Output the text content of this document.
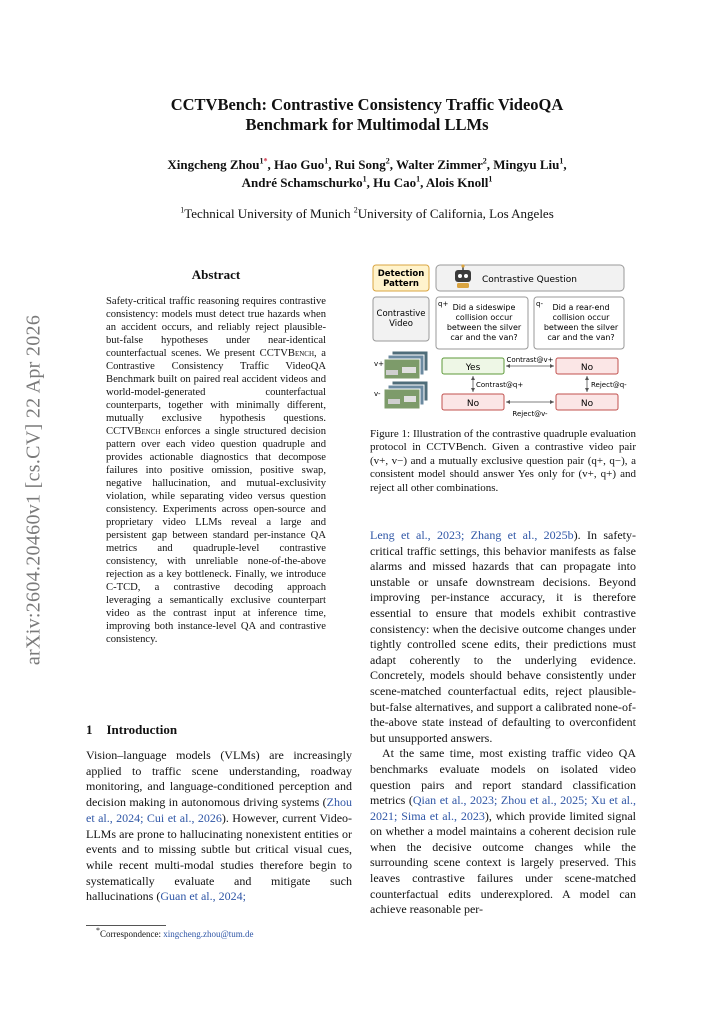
arXiv:2604.20460v1 [cs.CV] 22 Apr 2026
CCTVBench: Contrastive Consistency Traffic VideoQA
Benchmark for Multimodal LLMs
Xingcheng Zhou$^{1*}$, Hao Guo$^1$, Rui Song$^2$, Walter Zimmer$^2$, Mingyu Liu$^1$,
André Schamschurko$^1$, Hu Cao$^1$, Alois Knoll$^1$
$^1$Technical University of Munich $^2$University of California, Los Angeles
Abstract

Safety-critical traffic reasoning requires contrastive consistency: models must detect true hazards when an accident occurs, and reliably reject plausible-but-false hypotheses under near-identical counterfactual scenes. We present CCTVBench, a Contrastive Consistency Traffic VideoQA Benchmark built on paired real accident videos and world-model-generated counterfactual counterparts, together with minimally different, mutually exclusive hypothesis questions. CCTVBench enforces a single structured decision pattern over each video question quadruple and provides actionable diagnostics that decompose failures into positive omission, positive swap, negative hallucination, and mutual-exclusivity violation, while separating video versus question consistency. Experiments across open-source and proprietary video LLMs reveal a large and persistent gap between standard per-instance QA metrics and quadruple-level contrastive consistency, with unreliable none-of-the-above rejection as a key bottleneck. Finally, we introduce C-TCD, a contrastive decoding approach leveraging a semantically exclusive counterpart video as the contrast input at inference time, improving both instance-level QA and contrastive consistency.

1 Introduction

Vision–language models (VLMs) are increasingly applied to traffic scene understanding, roadway monitoring, and language-conditioned perception and decision making in autonomous driving systems (Zhou et al., 2024; Cui et al., 2026). However, current Video-LLMs are prone to hallucinating nonexistent entities or events and to missing subtle but critical visual cues, while recent multi-modal studies therefore begin to systematically evaluate and mitigate such hallucinations (Guan et al., 2024;

*Correspondence: xingcheng.zhou@tum.de
Detection
Pattern	Contrastive Question
Contrastive
Video
q+ Did a sideswipe
collision occur
between the silver
car and the van?
q- Did a rear-end
collision occur
between the silver
car and the van?
v+
v-
Yes	No
No	No
Contrast@v+
Contrast@q+	Reject@q-
Reject@v-

Figure 1: Illustration of the contrastive quadruple evaluation protocol in CCTVBench. Given a contrastive video pair (v+, v−) and a mutually exclusive question pair (q+, q−), a consistent model should answer Yes only for (v+, q+) and reject all other combinations.

Leng et al., 2023; Zhang et al., 2025b). In safety-critical traffic settings, this behavior manifests as false alarms and missed hazards that can propagate into unstable or unsafe downstream decisions. Beyond improving per-instance accuracy, it is therefore essential to ensure that models exhibit contrastive consistency: when the decisive outcome changes under tightly controlled scene edits, their predictions must adapt coherently to the underlying evidence. Concretely, models should behave consistently under scene-matched counterfactual edits, reject plausible-but-false alternatives, and support a calibrated none-of-the-above state instead of defaulting to overconfident but unsupported answers.

At the same time, most existing traffic video QA benchmarks evaluate models on isolated video question pairs and report standard classification metrics (Qian et al., 2023; Zhou et al., 2025; Xu et al., 2021; Sima et al., 2023), which provide limited signal on whether a model maintains a coherent decision rule when the decisive outcome changes while the surrounding scene context is largely preserved. This leaves contrastive failures under scene-matched counterfactual edits underexplored. A model can achieve reasonable per-
